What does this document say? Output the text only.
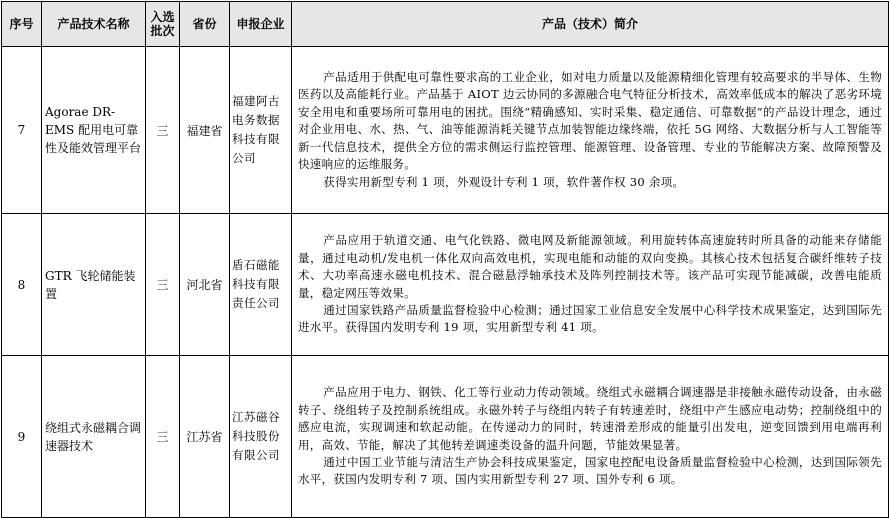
序号	产品技术名称	入选批次	省份	申报企业	产品（技术）简介
7	Agorae DR-EMS 配用电可靠性及能效管理平台	三	福建省	福建阿古电务数据科技有限公司	产品适用于供配电可靠性要求高的工业企业，如对电力质量以及能源精细化管理有较高要求的半导体、生物医药以及高能耗行业。产品基于 AIOT 边云协同的多源融合电气特征分析技术，高效率低成本的解决了恶劣环境安全用电和重要场所可靠用电的困扰。围绕“精确感知、实时采集、稳定通信、可靠数据”的产品设计理念，通过对企业用电、水、热、气、油等能源消耗关键节点加装智能边缘终端，依托 5G 网络、大数据分析与人工智能等新一代信息技术，提供全方位的需求侧运行监控管理、能源管理、设备管理、专业的节能解决方案、故障预警及快速响应的运维服务。

获得实用新型专利 1 项，外观设计专利 1 项，软件著作权 30 余项。

8	GTR 飞轮储能装置	三	河北省	盾石磁能科技有限责任公司	产品应用于轨道交通、电气化铁路、微电网及新能源领域。利用旋转体高速旋转时所具备的动能来存储能量，通过电动机/发电机一体化双向高效电机，实现电能和动能的双向变换。其核心技术包括复合碳纤维转子技术、大功率高速永磁电机技术、混合磁悬浮轴承技术及阵列控制技术等。该产品可实现节能减碳，改善电能质量，稳定网压等效果。

通过国家铁路产品质量监督检验中心检测；通过国家工业信息安全发展中心科学技术成果鉴定，达到国际先进水平。获得国内发明专利 19 项，实用新型专利 41 项。

9	绕组式永磁耦合调速器技术	三	江苏省	江苏磁谷科技股份有限公司	产品应用于电力、钢铁、化工等行业动力传动领域。绕组式永磁耦合调速器是非接触永磁传动设备，由永磁转子、绕组转子及控制系统组成。永磁外转子与绕组内转子有转速差时，绕组中产生感应电动势；控制绕组中的感应电流，实现调速和软起动能。在传递动力的同时，转速滑差形成的能量引出发电，逆变回馈到用电端再利用，高效、节能，解决了其他转差调速类设备的温升问题，节能效果显著。

通过中国工业节能与清洁生产协会科技成果鉴定，国家电控配电设备质量监督检验中心检测，达到国际领先水平，获国内发明专利 7 项、国内实用新型专利 27 项、国外专利 6 项。
